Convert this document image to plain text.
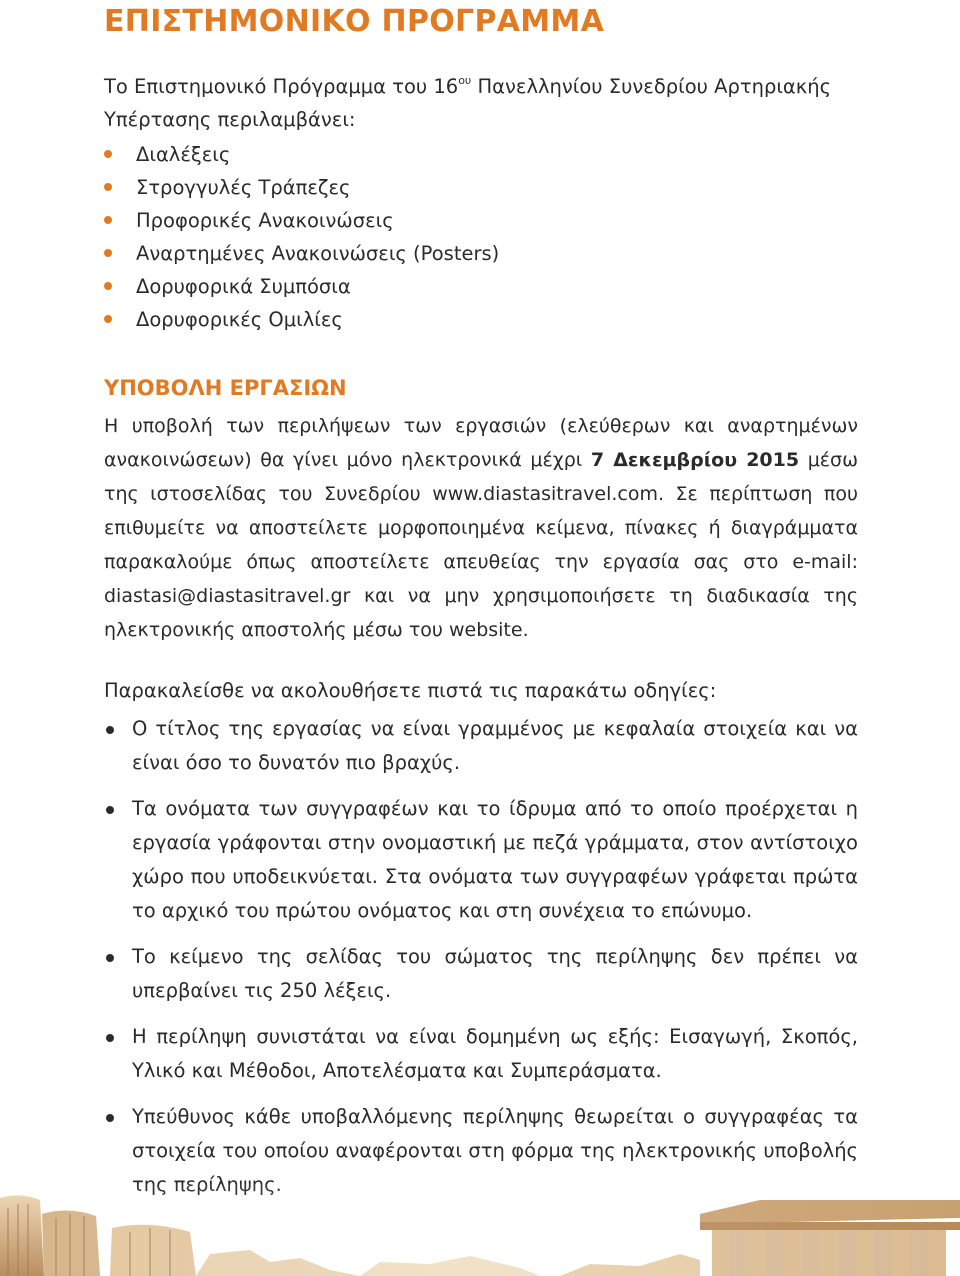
ΕΠΙΣΤΗΜΟΝΙΚΟ ΠΡΟΓΡΑΜΜΑ

Το Επιστημονικό Πρόγραμμα του $16^{o\upsilon}$ Πανελληνίου Συνεδρίου Αρτηριακής Υπέρτασης περιλαμβάνει:

Διαλέξεις
Στρογγυλές Τράπεζες
Προφορικές Ανακοινώσεις
Αναρτημένες Ανακοινώσεις (Posters)
Δορυφορικά Συμπόσια
Δορυφορικές Ομιλίες
ΥΠΟΒΟΛΗ ΕΡΓΑΣΙΩΝ

Η υποβολή των περιλήψεων των εργασιών (ελεύθερων και αναρτημένων ανακοινώσεων) θα γίνει μόνο ηλεκτρονικά μέχρι 7 Δεκεμβρίου 2015 μέσω της ιστοσελίδας του Συνεδρίου www.diastasitravel.com. Σε περίπτωση που επιθυμείτε να αποστείλετε μορφοποιημένα κείμενα, πίνακες ή διαγράμματα παρακαλούμε όπως αποστείλετε απευθείας την εργασία σας στο e-mail: diastasi@diastasitravel.gr και να μην χρησιμοποιήσετε τη διαδικασία της ηλεκτρονικής αποστολής μέσω του website.

Παρακαλείσθε να ακολουθήσετε πιστά τις παρακάτω οδηγίες:

Ο τίτλος της εργασίας να είναι γραμμένος με κεφαλαία στοιχεία και να είναι όσο το δυνατόν πιο βραχύς.
Τα ονόματα των συγγραφέων και το ίδρυμα από το οποίο προέρχεται η εργασία γράφονται στην ονομαστική με πεζά γράμματα, στον αντίστοιχο χώρο που υποδεικνύεται. Στα ονόματα των συγγραφέων γράφεται πρώτα το αρχικό του πρώτου ονόματος και στη συνέχεια το επώνυμο.
Το κείμενο της σελίδας του σώματος της περίληψης δεν πρέπει να υπερβαίνει τις 250 λέξεις.
Η περίληψη συνιστάται να είναι δομημένη ως εξής: Εισαγωγή, Σκοπός, Υλικό και Μέθοδοι, Αποτελέσματα και Συμπεράσματα.
Υπεύθυνος κάθε υποβαλλόμενης περίληψης θεωρείται ο συγγραφέας τα στοιχεία του οποίου αναφέρονται στη φόρμα της ηλεκτρονικής υποβολής
